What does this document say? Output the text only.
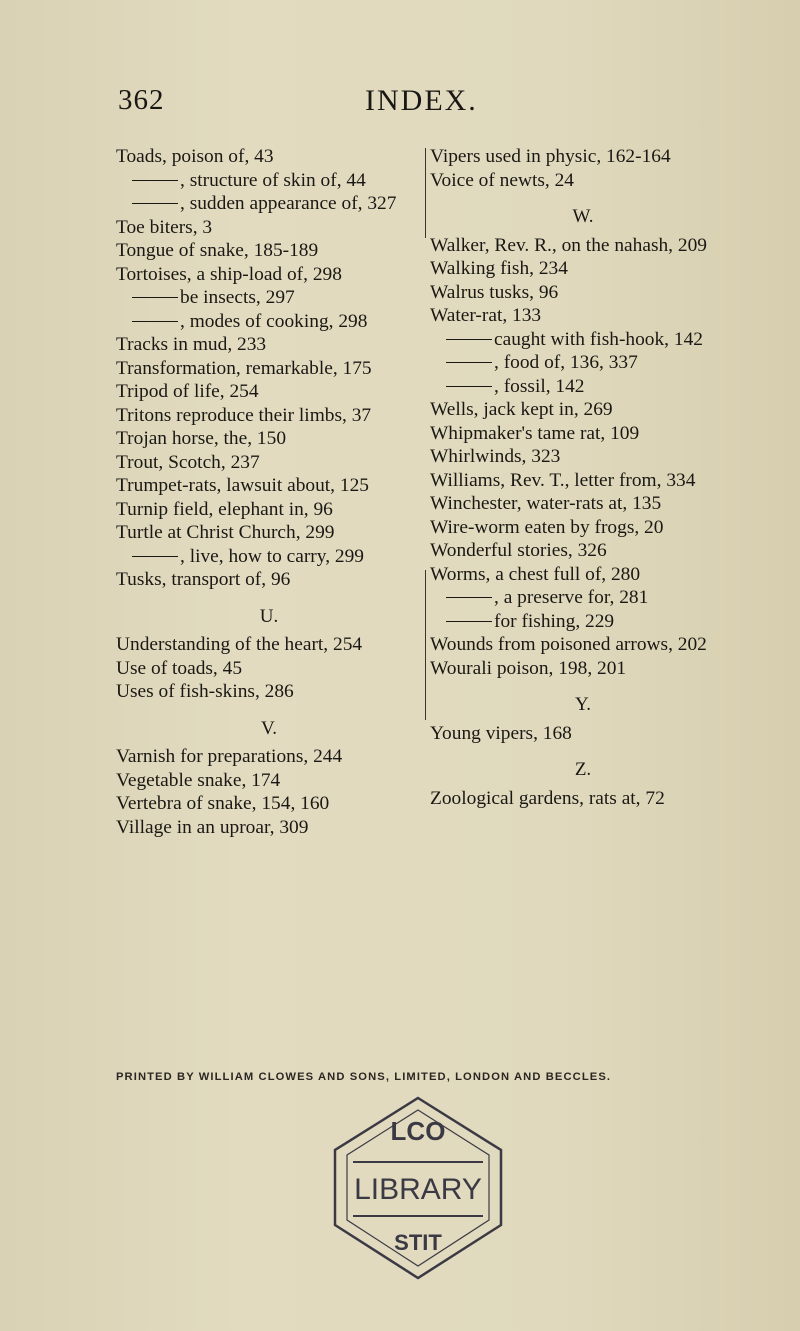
362	INDEX.

Toads, poison of, 43

, structure of skin of, 44

, sudden appearance of, 327

Toe biters, 3

Tongue of snake, 185-189

Tortoises, a ship-load of, 298

be insects, 297

, modes of cooking, 298

Tracks in mud, 233

Transformation, remarkable, 175

Tripod of life, 254

Tritons reproduce their limbs, 37

Trojan horse, the, 150

Trout, Scotch, 237

Trumpet-rats, lawsuit about, 125

Turnip field, elephant in, 96

Turtle at Christ Church, 299

, live, how to carry, 299

Tusks, transport of, 96

U.

Understanding of the heart, 254

Use of toads, 45

Uses of fish-skins, 286

V.

Varnish for preparations, 244

Vegetable snake, 174

Vertebra of snake, 154, 160

Village in an uproar, 309

Vipers used in physic, 162-164

Voice of newts, 24

W.

Walker, Rev. R., on the nahash, 209

Walking fish, 234

Walrus tusks, 96

Water-rat, 133

caught with fish-hook, 142

, food of, 136, 337

, fossil, 142

Wells, jack kept in, 269

Whipmaker's tame rat, 109

Whirlwinds, 323

Williams, Rev. T., letter from, 334

Winchester, water-rats at, 135

Wire-worm eaten by frogs, 20

Wonderful stories, 326

Worms, a chest full of, 280

, a preserve for, 281

for fishing, 229

Wounds from poisoned arrows, 202

Wourali poison, 198, 201

Y.

Young vipers, 168

Z.

Zoological gardens, rats at, 72

PRINTED BY WILLIAM CLOWES AND SONS, LIMITED, LONDON AND BECCLES.
LCO
LIBRARY
STIT
